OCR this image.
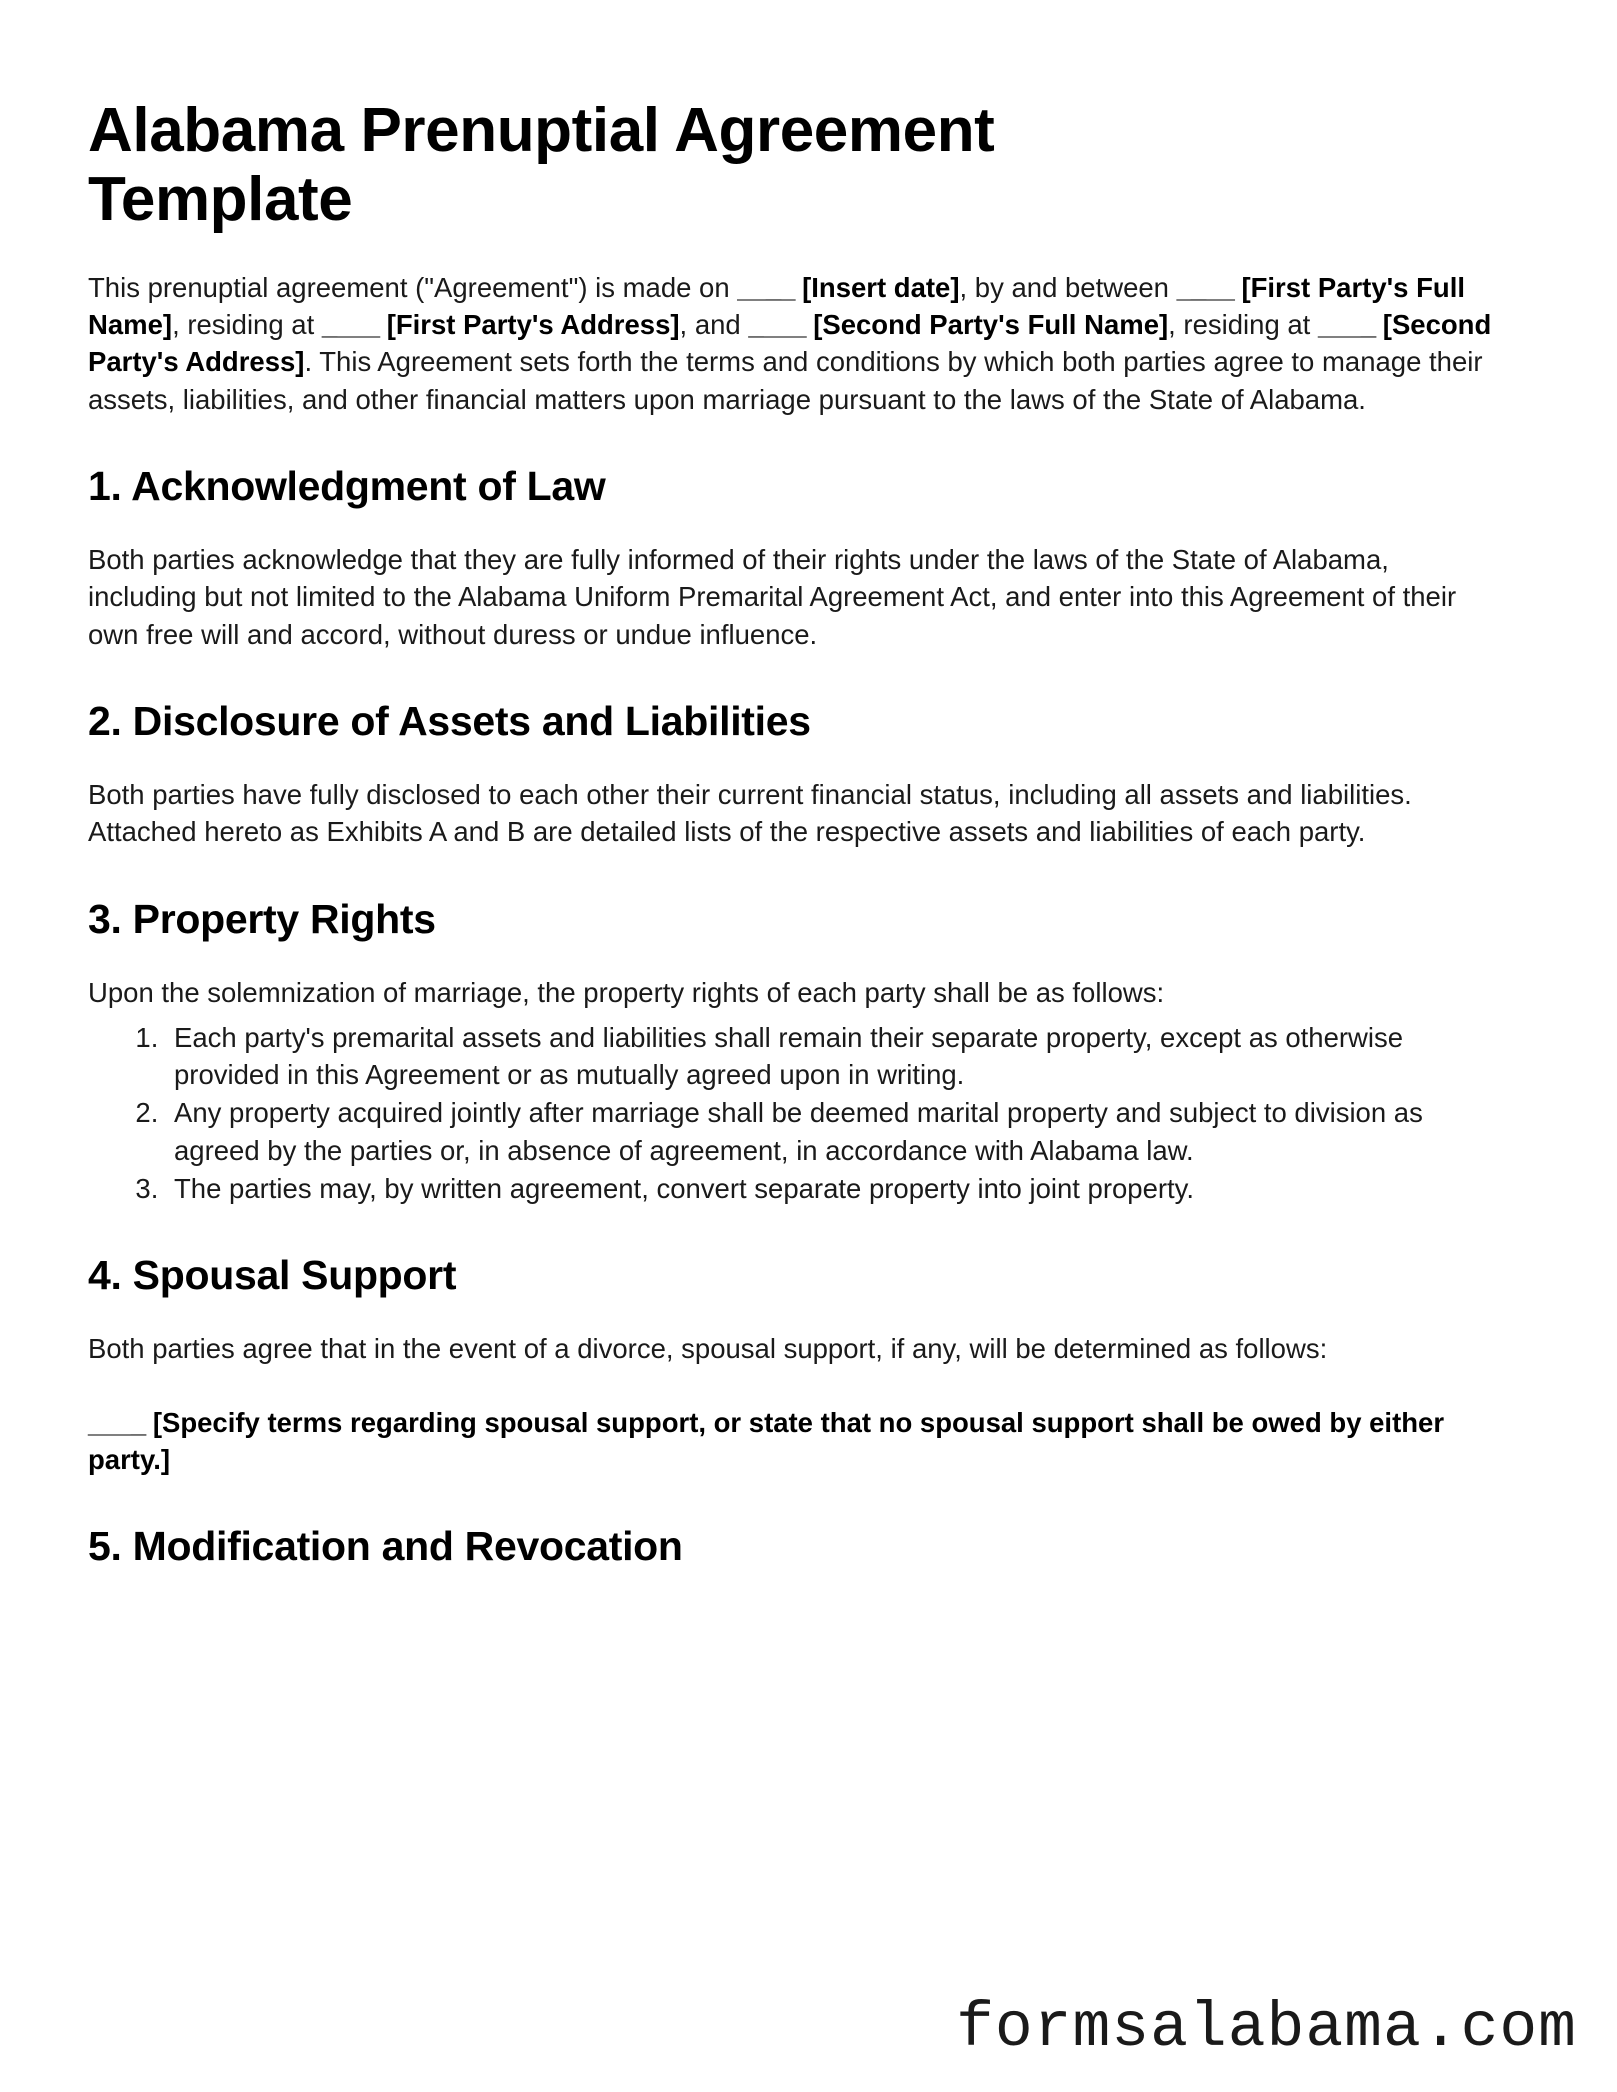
Alabama Prenuptial Agreement Template

This prenuptial agreement ("Agreement") is made on ____ [Insert date], by and between ____ [First Party's Full Name], residing at ____ [First Party's Address], and ____ [Second Party's Full Name], residing at ____ [Second Party's Address]. This Agreement sets forth the terms and conditions by which both parties agree to manage their assets, liabilities, and other financial matters upon marriage pursuant to the laws of the State of Alabama.

1. Acknowledgment of Law

Both parties acknowledge that they are fully informed of their rights under the laws of the State of Alabama, including but not limited to the Alabama Uniform Premarital Agreement Act, and enter into this Agreement of their own free will and accord, without duress or undue influence.

2. Disclosure of Assets and Liabilities

Both parties have fully disclosed to each other their current financial status, including all assets and liabilities. Attached hereto as Exhibits A and B are detailed lists of the respective assets and liabilities of each party.

3. Property Rights

Upon the solemnization of marriage, the property rights of each party shall be as follows:

1. Each party's premarital assets and liabilities shall remain their separate property, except as otherwise provided in this Agreement or as mutually agreed upon in writing.
2. Any property acquired jointly after marriage shall be deemed marital property and subject to division as agreed by the parties or, in absence of agreement, in accordance with Alabama law.
3. The parties may, by written agreement, convert separate property into joint property.
4. Spousal Support

Both parties agree that in the event of a divorce, spousal support, if any, will be determined as follows:

____ [Specify terms regarding spousal support, or state that no spousal support shall be owed by either party.]

5. Modification and Revocation
formsalabama.com
